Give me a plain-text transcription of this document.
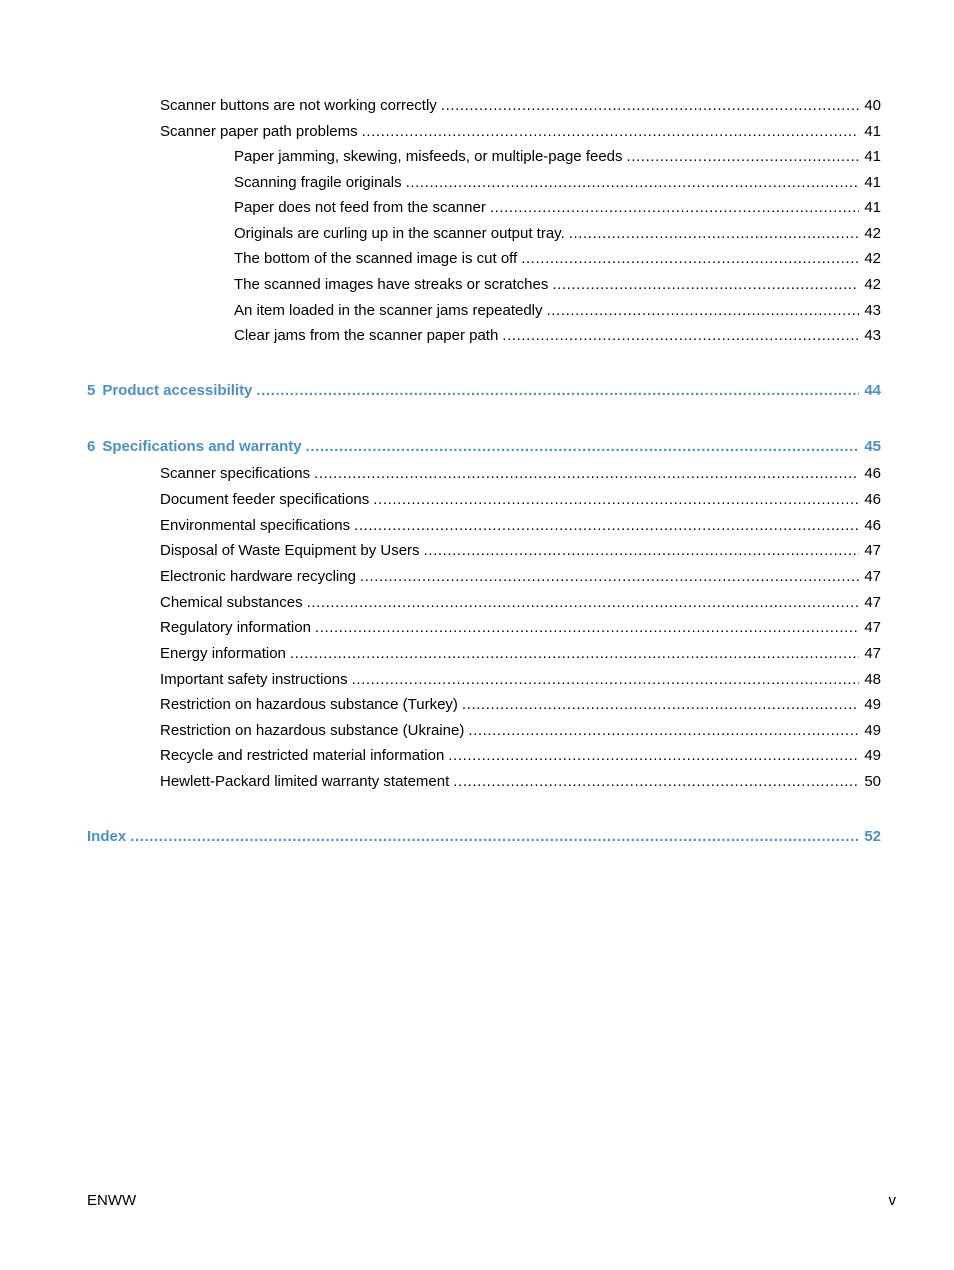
Scanner buttons are not working correctly .....	40
Scanner paper path problems .....	41
Paper jamming, skewing, misfeeds, or multiple-page feeds .....	41
Scanning fragile originals .....	41
Paper does not feed from the scanner .....	41
Originals are curling up in the scanner output tray. .....	42
The bottom of the scanned image is cut off .....	42
The scanned images have streaks or scratches .....	42
An item loaded in the scanner jams repeatedly .....	43
Clear jams from the scanner paper path .....	43
5 Product accessibility .....	44
6 Specifications and warranty .....	45
Scanner specifications .....	46
Document feeder specifications .....	46
Environmental specifications .....	46
Disposal of Waste Equipment by Users .....	47
Electronic hardware recycling .....	47
Chemical substances .....	47
Regulatory information .....	47
Energy information .....	47
Important safety instructions .....	48
Restriction on hazardous substance (Turkey) .....	49
Restriction on hazardous substance (Ukraine) .....	49
Recycle and restricted material information .....	49
Hewlett-Packard limited warranty statement .....	50
Index .....	52
ENWW	v
